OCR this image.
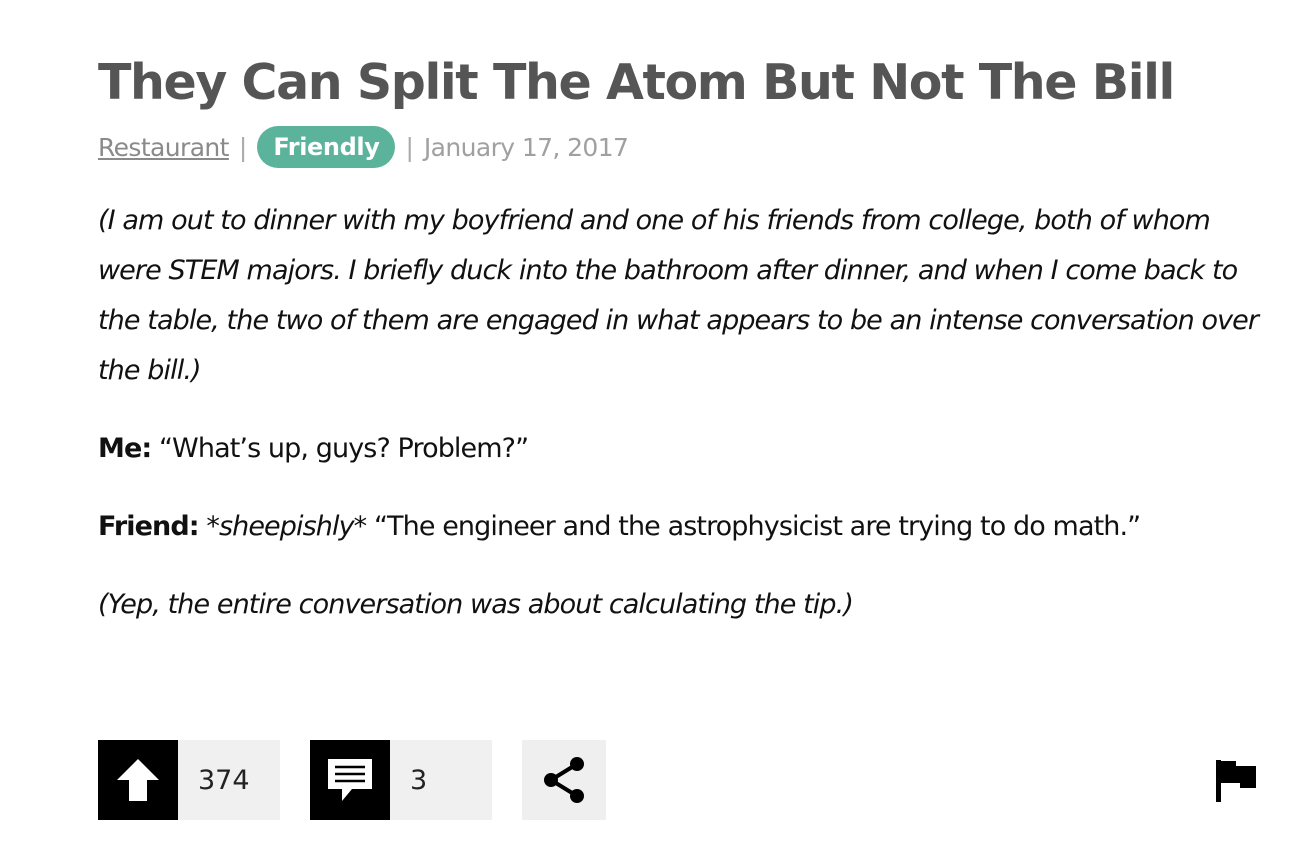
They Can Split The Atom But Not The Bill
Restaurant |	Friendly	| January 17, 2017

(I am out to dinner with my boyfriend and one of his friends from college, both of whom were STEM majors. I briefly duck into the bathroom after dinner, and when I come back to the table, the two of them are engaged in what appears to be an intense conversation over the bill.)

Me: “What’s up, guys? Problem?”

Friend: *sheepishly* “The engineer and the astrophysicist are trying to do math.”

(Yep, the entire conversation was about calculating the tip.)

374	3
